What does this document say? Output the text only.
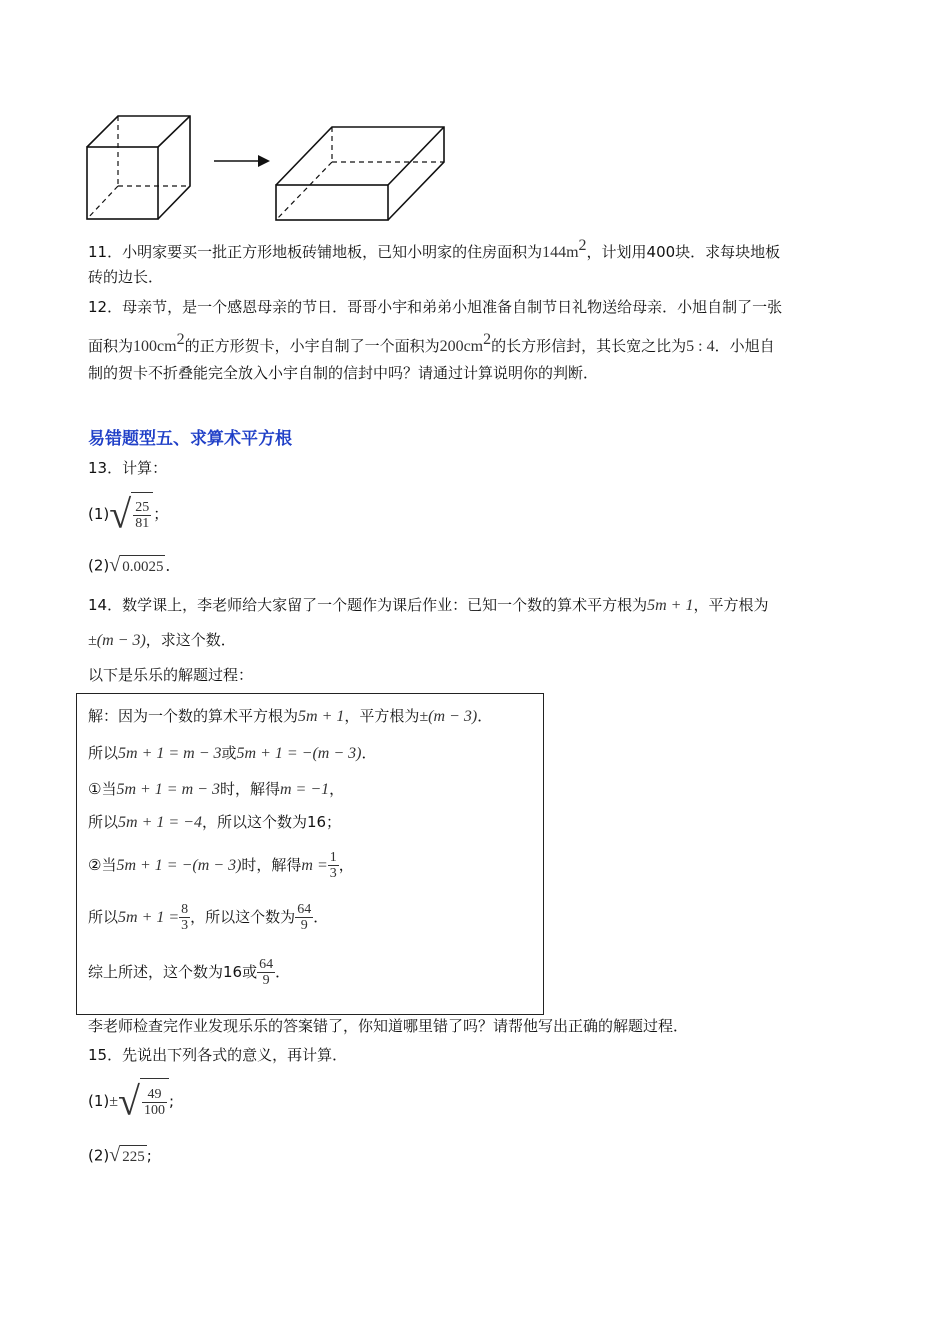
11．小明家要买一批正方形地板砖铺地板，已知小明家的住房面积为$144m^2$，计划用400块．求每块地板
砖的边长．
12．母亲节，是一个感恩母亲的节日．哥哥小宇和弟弟小旭准备自制节日礼物送给母亲．小旭自制了一张
面积为$100cm^2$的正方形贺卡，小宇自制了一个面积为$200cm^2$的长方形信封，其长宽之比为5 : 4．小旭自
制的贺卡不折叠能完全放入小宇自制的信封中吗？请通过计算说明你的判断．
易错题型五、求算术平方根
13．计算：
$(1)√ \frac{25}{81}$ ；
(2)√ 0.0025 ．
14．数学课上，李老师给大家留了一个题作为课后作业：已知一个数的算术平方根为5m + 1，平方根为
±(m − 3)，求这个数．
以下是乐乐的解题过程：
解：因为一个数的算术平方根为5m + 1，平方根为±(m − 3)．
所以5m + 1 = m − 3或5m + 1 = −(m − 3)．
①当5m + 1 = m − 3时，解得m = −1，
所以5m + 1 = −4，所以这个数为16；
②当5m + 1 = −(m − 3)时，解得$m = \frac{1}{3}$ ，
所以$5m + 1 = \frac{8}{3}$ ，所以这个数为 $\frac{64}{9}$ ．
综上所述，这个数为16或 $\frac{64}{9}$ ．
李老师检查完作业发现乐乐的答案错了，你知道哪里错了吗？请帮他写出正确的解题过程．
15．先说出下列各式的意义，再计算．
$(1)\pm√ \frac{49}{100}$ ;
(2)√ 225 ;
